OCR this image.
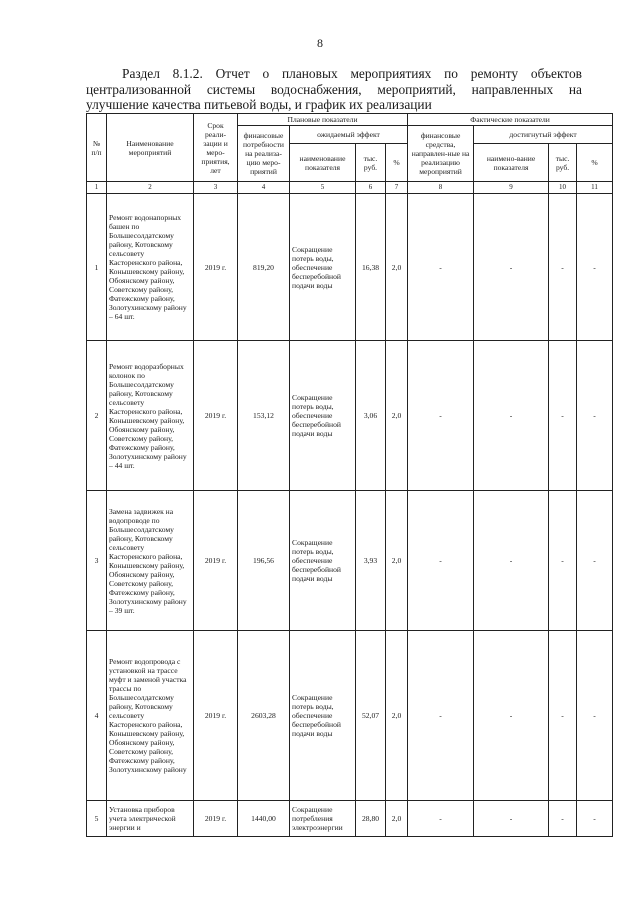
8
Раздел 8.1.2. Отчет о плановых мероприятиях по ремонту объектов централизованной системы водоснабжения, мероприятий, направленных на улучшение качества питьевой воды, и график их реализации
№ п/п	Наименование мероприятий	Срок реали-зации и меро-приятия, лет	Плановые показатели				Фактические показатели			
			финансовые потребности на реализа-цию меро-приятий	ожидаемый эффект			финансовые средства, направлен-ные на реализацию мероприятий	достигнутый эффект		
				наименование показателя	тыс. руб.	%		наимено-вание показателя	тыс. руб.	%
1	2	3	4	5	6	7	8	9	10	11
1	Ремонт водонапорных башен по Большесолдатскому району, Котовскому сельсовету Касторенского района, Конышевскому району, Обоянскому району, Советскому району, Фатежскому району, Золотухинскому району – 64 шт.	2019 г.	819,20	Сокращение потерь воды, обеспечение бесперебойной подачи воды	16,38	2,0	-	-	-	-
2	Ремонт водоразборных колонок по Большесолдатскому району, Котовскому сельсовету Касторенского района, Конышевскому району, Обоянскому району, Советскому району, Фатежскому району, Золотухинскому району – 44 шт.	2019 г.	153,12	Сокращение потерь воды, обеспечение бесперебойной подачи воды	3,06	2,0	-	-	-	-
3	Замена задвижек на водопроводе по Большесолдатскому району, Котовскому сельсовету Касторенского района, Конышевскому району, Обоянскому району, Советскому району, Фатежскому району, Золотухинскому району – 39 шт.	2019 г.	196,56	Сокращение потерь воды, обеспечение бесперебойной подачи воды	3,93	2,0	-	-	-	-
4	Ремонт водопровода с установкой на трассе муфт и заменой участка трассы по Большесолдатскому району, Котовскому сельсовету Касторенского района, Конышевскому району, Обоянскому району, Советскому району, Фатежскому району, Золотухинскому району	2019 г.	2603,28	Сокращение потерь воды, обеспечение бесперебойной подачи воды	52,07	2,0	-	-	-	-
5	Установка приборов учета электрической энергии и	2019 г.	1440,00	Сокращение потребления электроэнергии	28,80	2,0	-	-	-	-
